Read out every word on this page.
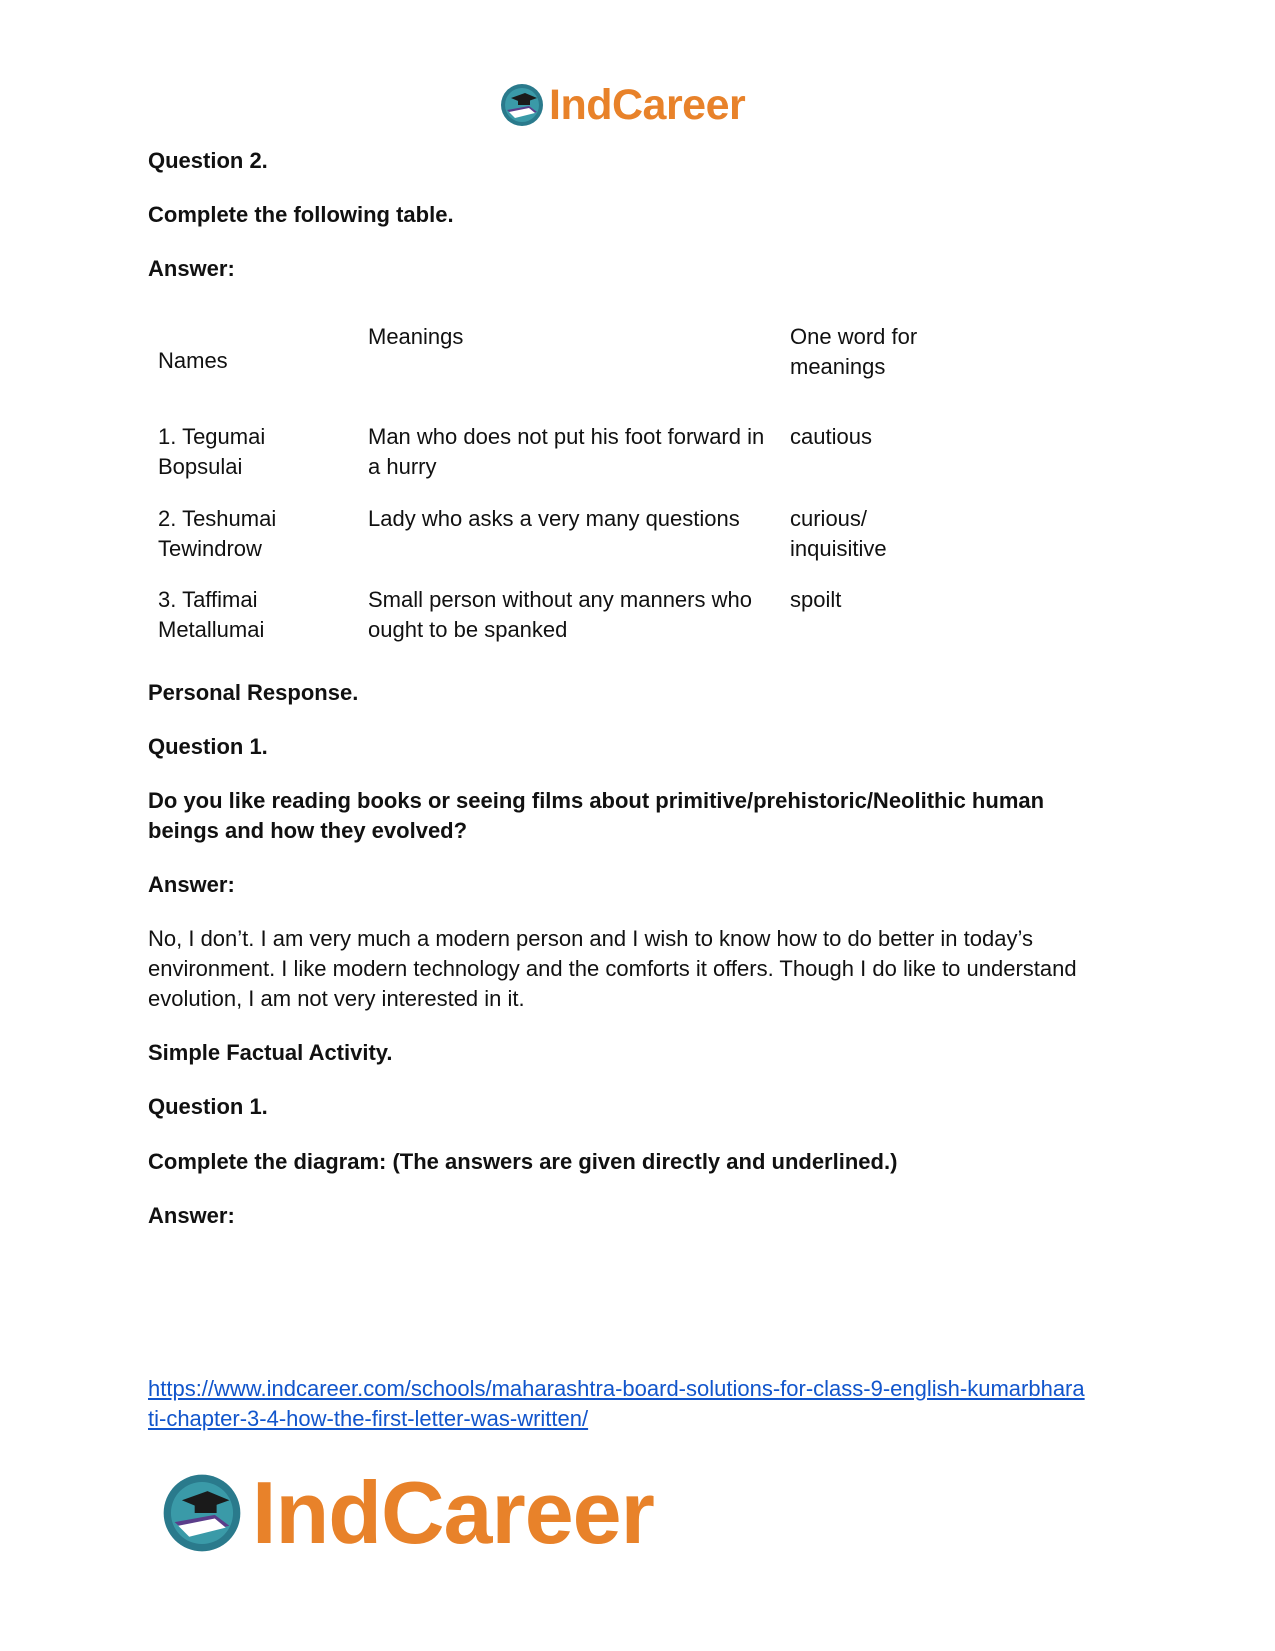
IndCareer
Question 2.
Complete the following table.
Answer:
Names
Meanings	One word for meanings
1. Tegumai Bopsulai
Man who does not put his foot forward in a hurry
cautious
2. Teshumai Tewindrow
Lady who asks a very many questions	curious/ inquisitive
3. Taffimai Metallumai
Small person without any manners who ought to be spanked
spoilt
Personal Response.
Question 1.
Do you like reading books or seeing films about primitive/prehistoric/Neolithic human beings and how they evolved?
Answer:
No, I don’t. I am very much a modern person and I wish to know how to do better in today’s environment. I like modern technology and the comforts it offers. Though I do like to understand evolution, I am not very interested in it.
Simple Factual Activity.
Question 1.
Complete the diagram: (The answers are given directly and underlined.)
Answer:
https://www.indcareer.com/schools/maharashtra-board-solutions-for-class-9-english-kumarbhara
ti-chapter-3-4-how-the-first-letter-was-written/
IndCareer
